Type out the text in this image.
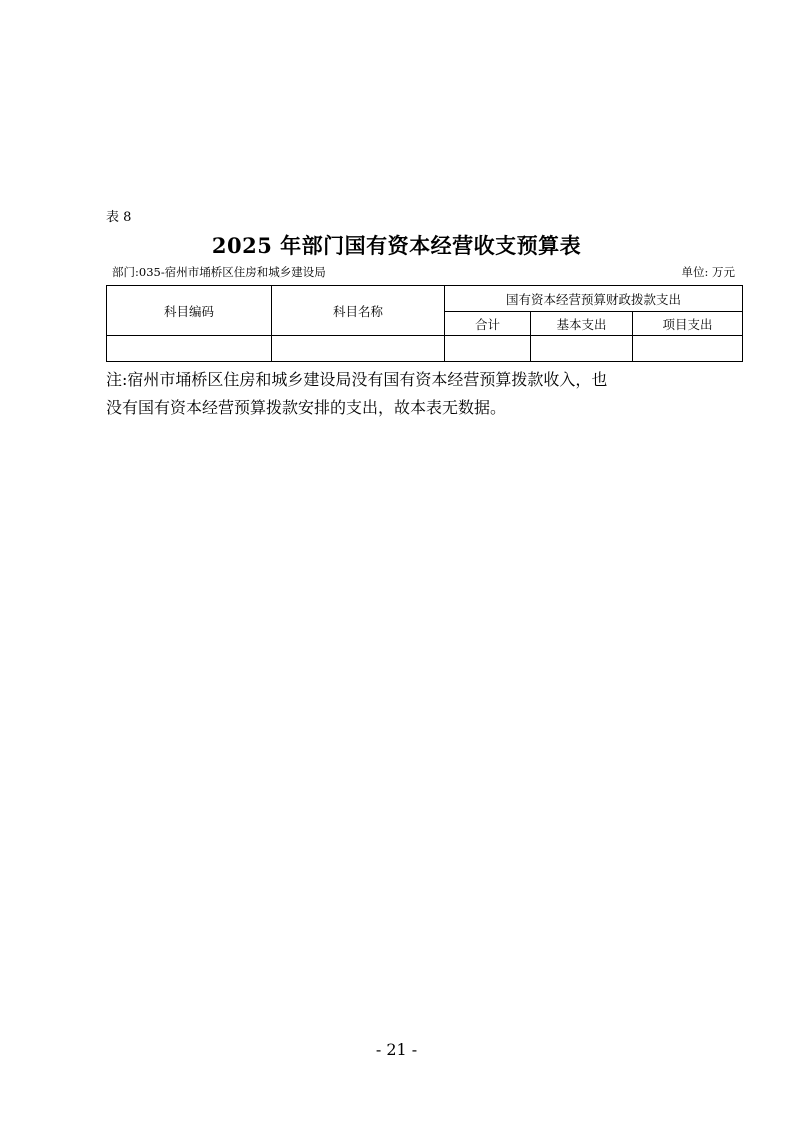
表 8
2025 年部门国有资本经营收支预算表
部门:035-宿州市埇桥区住房和城乡建设局	单位: 万元
科目编码	科目名称	国有资本经营预算财政拨款支出		
		合计	基本支出	项目支出

注:宿州市埇桥区住房和城乡建设局没有国有资本经营预算拨款收入，也
没有国有资本经营预算拨款安排的支出，故本表无数据。
- 21 -
